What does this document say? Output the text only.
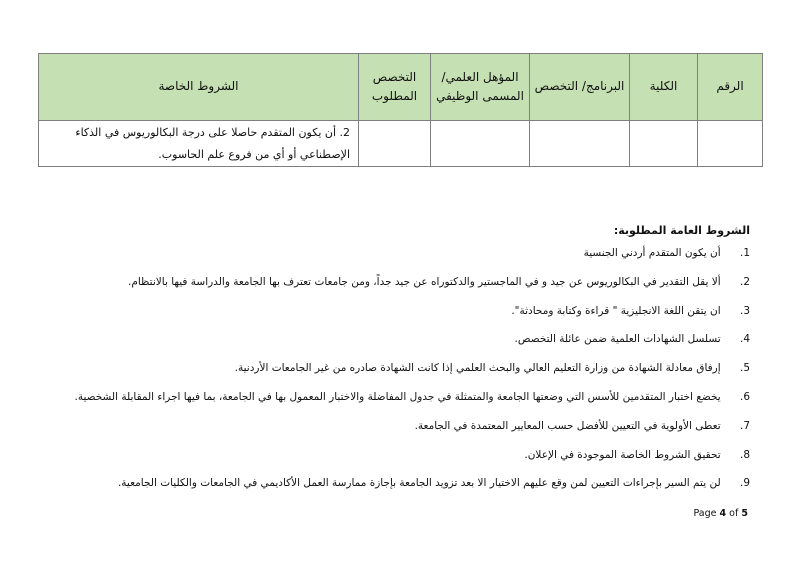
الرقم	الكلية	البرنامج/ التخصص	المؤهل العلمي/المسمى الوظيفي	التخصص المطلوب	الشروط الخاصة
					2. أن يكون المتقدم حاصلا على درجة البكالوريوس في الذكاء الإصطناعي أو أي من فروع علم الحاسوب.
الشروط العامة المطلوبة:
1. أن يكون المتقدم أردني الجنسية
2. ألا يقل التقدير في البكالوريوس عن جيد و في الماجستير والدكتوراه عن جيد جداً، ومن جامعات تعترف بها الجامعة والدراسة فيها بالانتظام.
3. ان يتقن اللغة الانجليزية " قراءة وكتابة ومحادثة".
4. تسلسل الشهادات العلمية ضمن عائلة التخصص.
5. إرفاق معادلة الشهادة من وزارة التعليم العالي والبحث العلمي إذا كانت الشهادة صادره من غير الجامعات الأردنية.
6. يخضع اختبار المتقدمين للأسس التي وضعتها الجامعة والمتمثلة في جدول المفاضلة والاختبار المعمول بها في الجامعة، بما فيها اجراء المقابلة الشخصية.
7. تعطى الأولوية في التعيين للأفضل حسب المعايير المعتمدة في الجامعة.
8. تحقيق الشروط الخاصة الموجودة في الإعلان.
9. لن يتم السير بإجراءات التعيين لمن وقع عليهم الاختيار الا بعد تزويد الجامعة بإجازة ممارسة العمل الأكاديمي في الجامعات والكليات الجامعية.
Page 4 of 5
